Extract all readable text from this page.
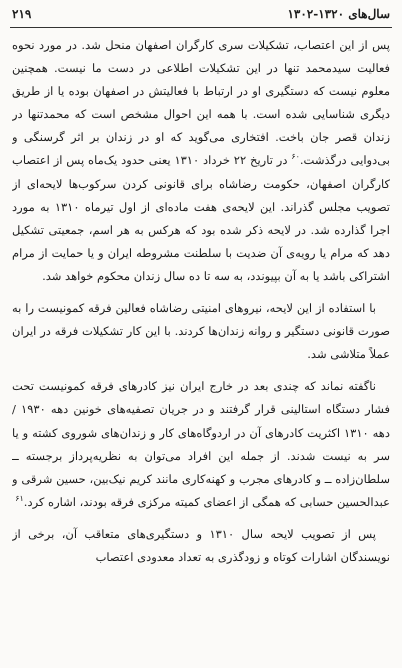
سال‌های ۱۳۲۰-۱۳۰۲
۲۱۹

پس از این اعتصاب، تشکیلات سری کارگران اصفهان منحل شد. در مورد نحوه فعالیت سیدمحمد تنها در این تشکیلات اطلاعی در دست ما نیست. همچنین معلوم نیست که دستگیری او در ارتباط با فعالیتش در اصفهان بوده یا از طریق دیگری شناسایی شده است. با همه این احوال مشخص است که محمدتنها در زندان قصر جان باخت. افتخاری می‌گوید که او در زندان بر اثر گرسنگی و بی‌دوایی درگذشت.$^{۶۰}$ در تاریخ ۲۲ خرداد ۱۳۱۰ یعنی حدود یک‌ماه پس از اعتصاب کارگران اصفهان، حکومت رضاشاه برای قانونی کردن سرکوب‌ها لایحه‌ای از تصویب مجلس گذراند. این لایحه‌ی هفت ماده‌ای از اول تیرماه ۱۳۱۰ به مورد اجرا گذارده شد. در لایحه ذکر شده بود که هرکس به هر اسم، جمعیتی تشکیل دهد که مرام یا رویه‌ی آن ضدیت با سلطنت مشروطه ایران و یا حمایت از مرام اشتراکی باشد یا به آن بپیوندد، به سه تا ده سال زندان محکوم خواهد شد.

با استفاده از این لایحه، نیروهای امنیتی رضاشاه فعالین فرقه کمونیست را به صورت قانونی دستگیر و روانه زندان‌ها کردند. با این کار تشکیلات فرقه در ایران عملاً متلاشی شد.

ناگفته نماند که چندی بعد در خارج ایران نیز کادرهای فرقه کمونیست تحت فشار دستگاه استالینی قرار گرفتند و در جریان تصفیه‌های خونین دهه ۱۹۳۰ / دهه ۱۳۱۰ اکثریت کادرهای آن در اردوگاه‌های کار و زندان‌های شوروی کشته و یا سر به نیست شدند. از جمله این افراد می‌توان به نظریه‌پرداز برجسته ــ سلطان‌زاده ــ و کادرهای مجرب و کهنه‌کاری مانند کریم نیک‌بین، حسین شرقی و عبدالحسین حسابی که همگی از اعضای کمیته مرکزی فرقه بودند، اشاره کرد.$^{۶۱}$

پس از تصویب لایحه سال ۱۳۱۰ و دستگیری‌های متعاقب آن، برخی از نویسندگان اشارات کوتاه و زودگذری به تعداد معدودی اعتصاب
